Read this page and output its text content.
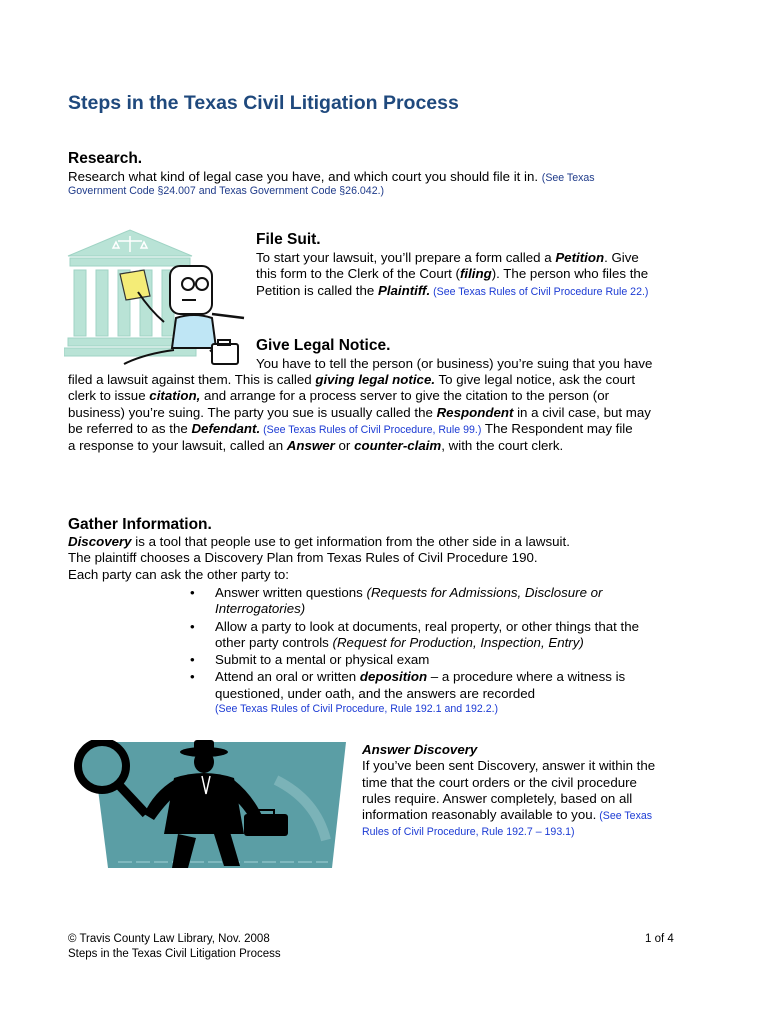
Steps in the Texas Civil Litigation Process
Research.
Research what kind of legal case you have, and which court you should file it in. (See Texas
Government Code §24.007 and Texas Government Code §26.042.)
File Suit.
To start your lawsuit, you’ll prepare a form called a Petition. Give
this form to the Clerk of the Court (filing). The person who files the
Petition is called the Plaintiff. (See Texas Rules of Civil Procedure Rule 22.)
Give Legal Notice.
You have to tell the person (or business) you’re suing that you have
filed a lawsuit against them. This is called giving legal notice. To give legal notice, ask the court
clerk to issue citation, and arrange for a process server to give the citation to the person (or
business) you’re suing. The party you sue is usually called the Respondent in a civil case, but may
be referred to as the Defendant. (See Texas Rules of Civil Procedure, Rule 99.) The Respondent may file
a response to your lawsuit, called an Answer or counter-claim, with the court clerk.
Gather Information.
Discovery is a tool that people use to get information from the other side in a lawsuit.
The plaintiff chooses a Discovery Plan from Texas Rules of Civil Procedure 190.
Each party can ask the other party to:
• Answer written questions (Requests for Admissions, Disclosure or
Interrogatories)
• Allow a party to look at documents, real property, or other things that the
other party controls (Request for Production, Inspection, Entry)
• Submit to a mental or physical exam
• Attend an oral or written deposition – a procedure where a witness is
questioned, under oath, and the answers are recorded
(See Texas Rules of Civil Procedure, Rule 192.1 and 192.2.)
Answer Discovery
If you’ve been sent Discovery, answer it within the
time that the court orders or the civil procedure
rules require. Answer completely, based on all
information reasonably available to you. (See Texas
Rules of Civil Procedure, Rule 192.7 – 193.1)
© Travis County Law Library, Nov. 2008
Steps in the Texas Civil Litigation Process
1 of 4
